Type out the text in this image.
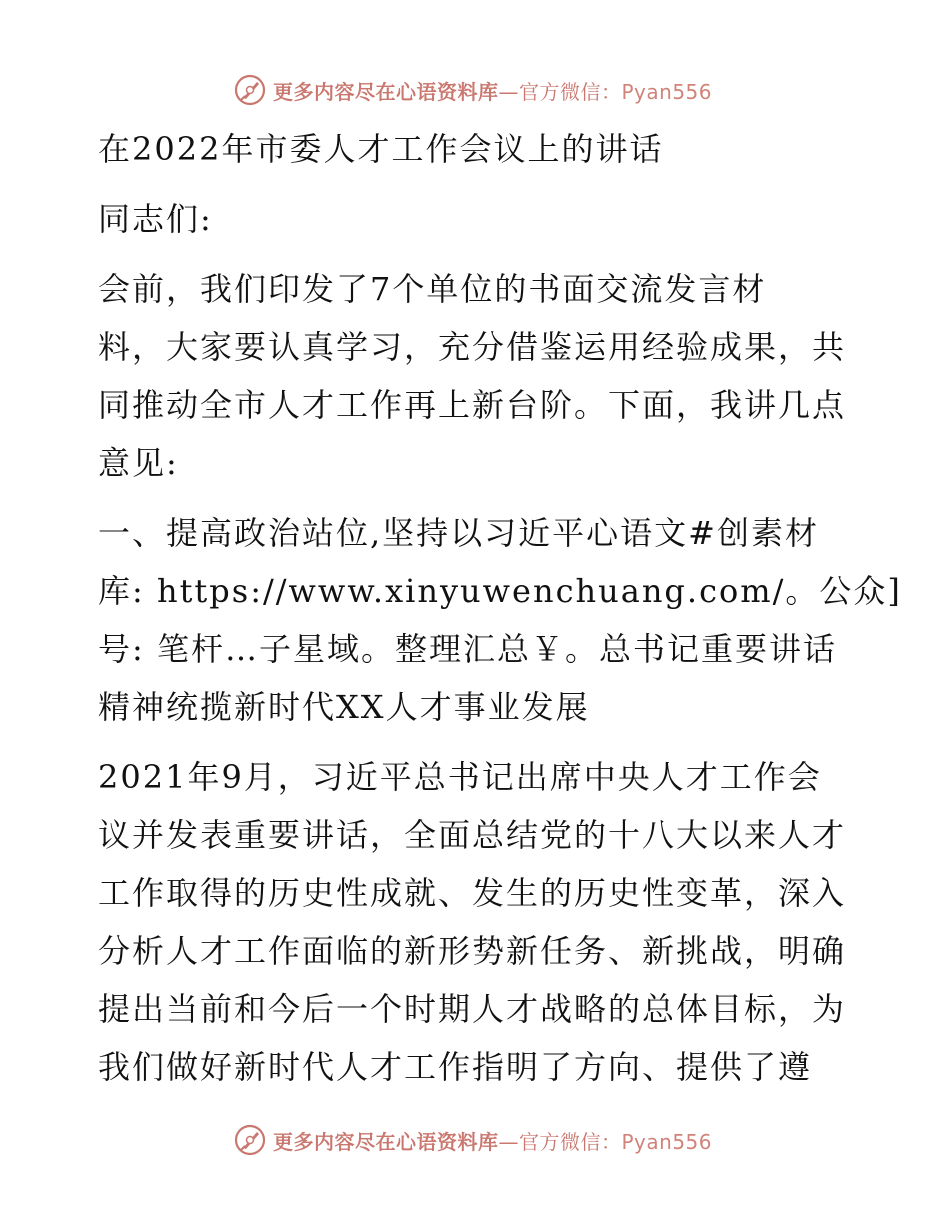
更多内容尽在心语资料库—官方微信：Pyan556
在2022年市委人才工作会议上的讲话
同志们:
会前，我们印发了7个单位的书面交流发言材
料，大家要认真学习，充分借鉴运用经验成果，共
同推动全市人才工作再上新台阶。下面，我讲几点
意见:
一、提高政治站位,坚持以习近平心语文#创素材
库: https://www.xinyuwenchuang.com/。公众]
号: 笔杆…子星域。整理汇总￥。总书记重要讲话
精神统揽新时代XX人才事业发展
2021年9月，习近平总书记出席中央人才工作会
议并发表重要讲话，全面总结党的十八大以来人才
工作取得的历史性成就、发生的历史性变革，深入
分析人才工作面临的新形势新任务、新挑战，明确
提出当前和今后一个时期人才战略的总体目标，为
我们做好新时代人才工作指明了方向、提供了遵
更多内容尽在心语资料库—官方微信：Pyan556
